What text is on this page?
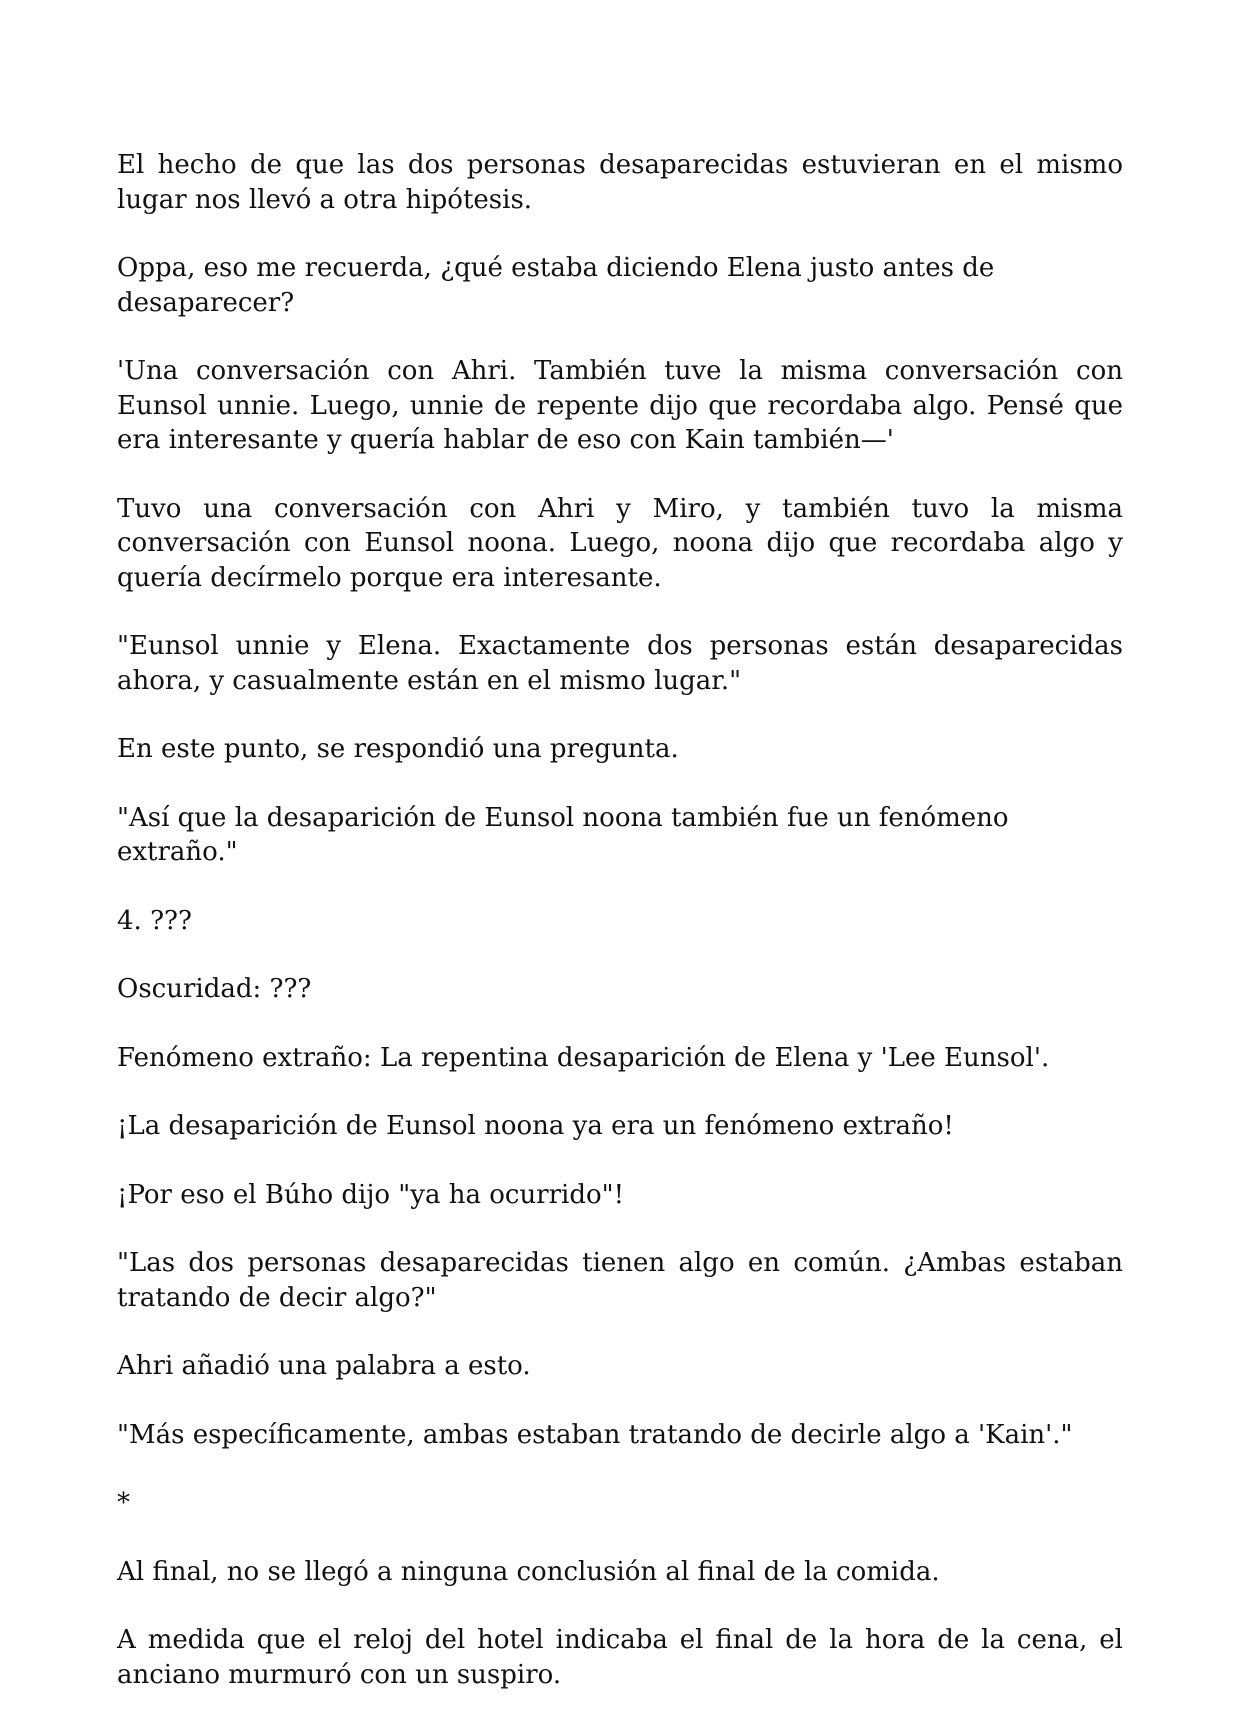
El hecho de que las dos personas desaparecidas estuvieran en el mismo lugar nos llevó a otra hipótesis.

Oppa, eso me recuerda, ¿qué estaba diciendo Elena justo antes de desaparecer?

'Una conversación con Ahri. También tuve la misma conversación con Eunsol unnie. Luego, unnie de repente dijo que recordaba algo. Pensé que era interesante y quería hablar de eso con Kain también—'

Tuvo una conversación con Ahri y Miro, y también tuvo la misma conversación con Eunsol noona. Luego, noona dijo que recordaba algo y quería decírmelo porque era interesante.

"Eunsol unnie y Elena. Exactamente dos personas están desaparecidas ahora, y casualmente están en el mismo lugar."

En este punto, se respondió una pregunta.

"Así que la desaparición de Eunsol noona también fue un fenómeno extraño."

4. ???

Oscuridad: ???

Fenómeno extraño: La repentina desaparición de Elena y 'Lee Eunsol'.

¡La desaparición de Eunsol noona ya era un fenómeno extraño!

¡Por eso el Búho dijo "ya ha ocurrido"!

"Las dos personas desaparecidas tienen algo en común. ¿Ambas estaban tratando de decir algo?"

Ahri añadió una palabra a esto.

"Más específicamente, ambas estaban tratando de decirle algo a 'Kain'."

*

Al final, no se llegó a ninguna conclusión al final de la comida.

A medida que el reloj del hotel indicaba el final de la hora de la cena, el anciano murmuró con un suspiro.
